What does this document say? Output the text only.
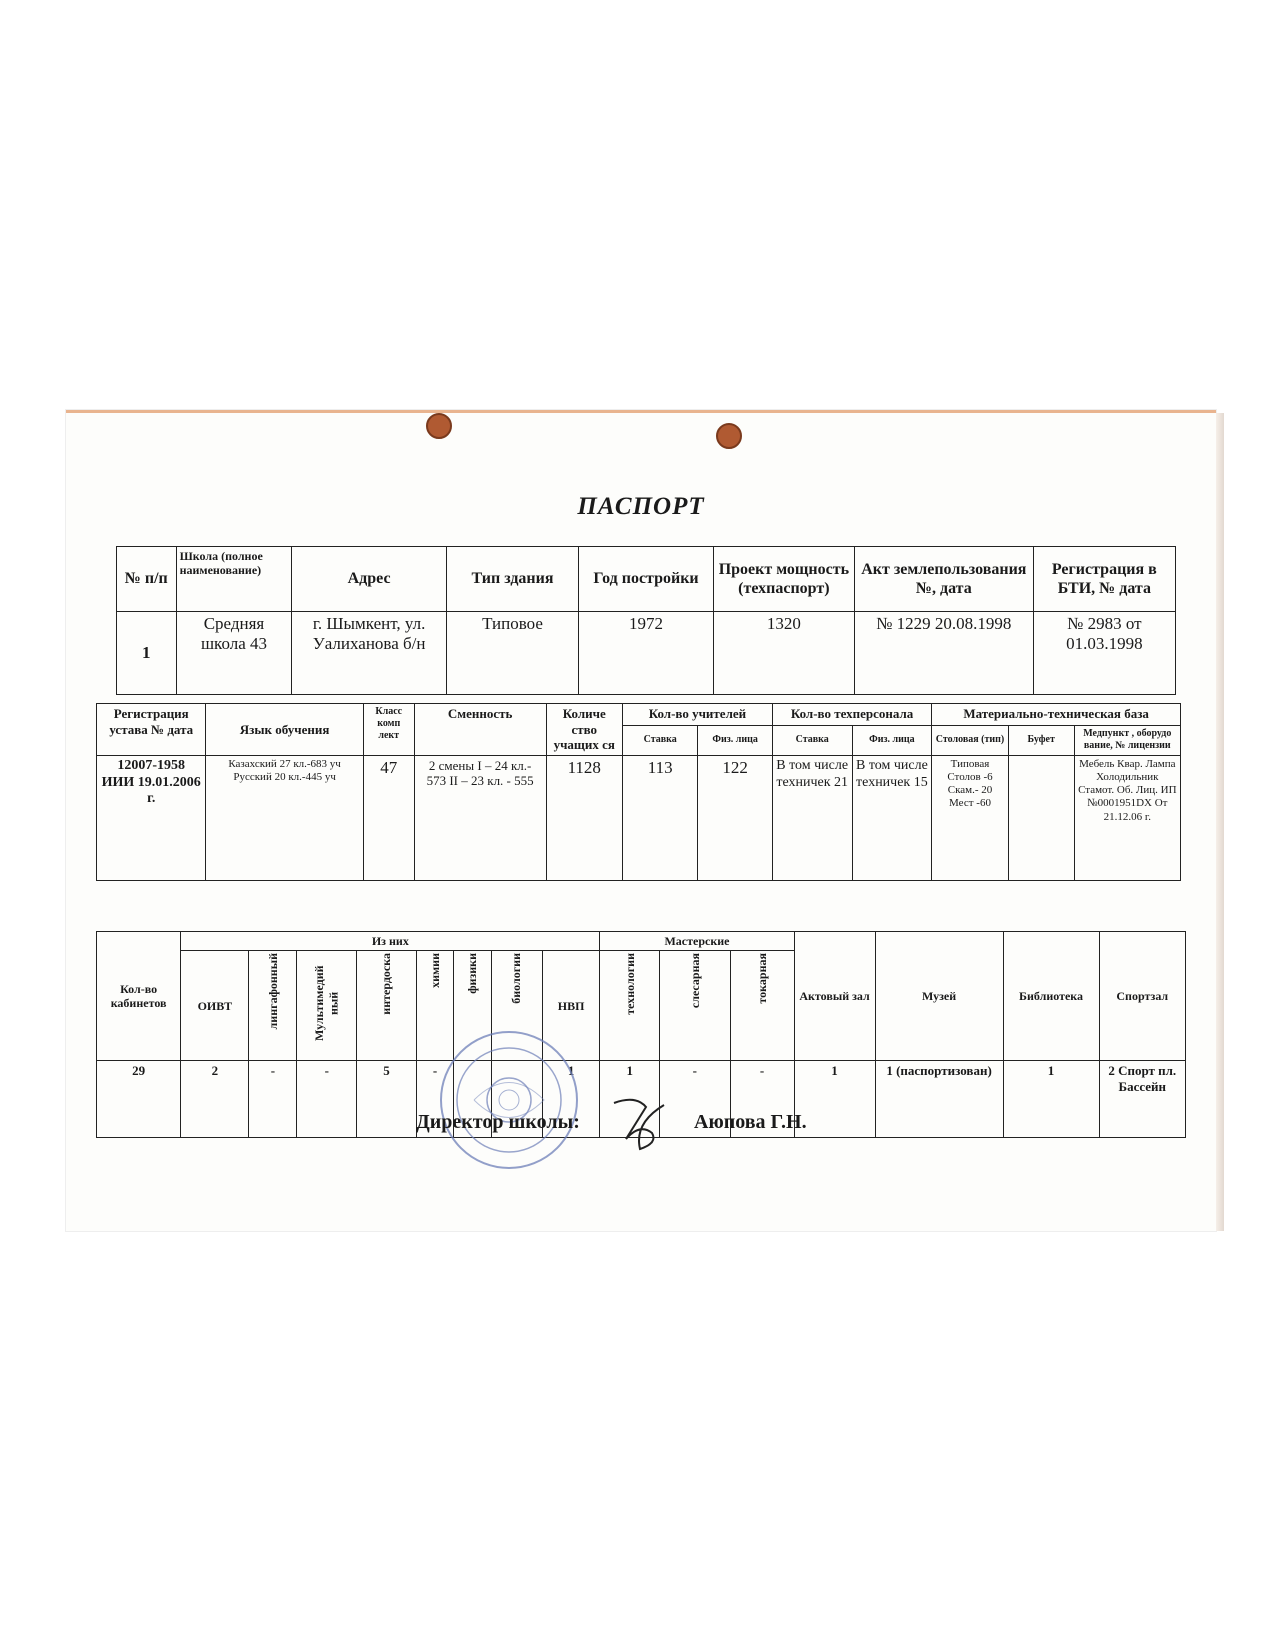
ПАСПОРТ
№ п/п	Школа (полное наименование)	Адрес	Тип здания	Год постройки	Проект мощность (техпаспорт)	Акт землепользования №, дата	Регистрация в БТИ, № дата
1	Средняя школа 43	г. Шымкент, ул. Уалиханова б/н	Типовое	1972	1320	№ 1229 20.08.1998	№ 2983 от 01.03.1998
Регистрация устава № дата	Язык обучения	Класс комп лект	Сменность	Количе ство учащих ся	Кол-во учителей		Кол-во техперсонала		Материально-техническая база		
					Ставка	Физ. лица	Ставка	Физ. лица	Столовая (тип)	Буфет	Медпункт , оборудо вание, № лицензии
12007-1958 ИИИ 19.01.2006 г.	Казахский 27 кл.-683 уч Русский 20 кл.-445 уч	47	2 смены I – 24 кл.- 573 II – 23 кл. - 555	1128	113	122	В том числе техничек 21	В том числе техничек 15	Типовая Столов -6 Скам.- 20 Мест -60		Мебель Квар. Лампа Холодильник Стамот. Об. Лиц. ИП №0001951DX От 21.12.06 г.
Кол-во кабинетов	Из них								Мастерские			Актовый зал	Музей	Библиотека	Спортзал
	ОИВТ	лингафонный	Мультимедий ный	интердоска	химии	физики	биологии	НВП	технологии	слесарная	токарная				

29	2	-	-	5	-			1	1	-	-	1	1 (паспортизован)	1	2 Спорт пл. Бассейн
Директор школы:	Аюпова Г.Н.
